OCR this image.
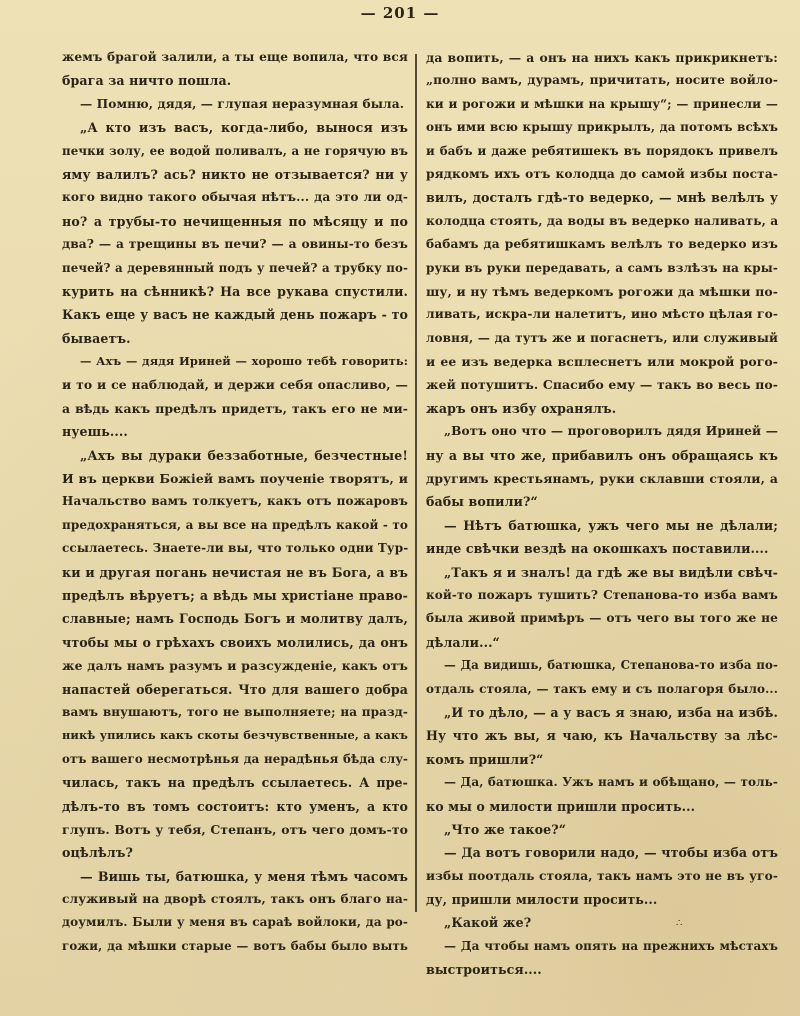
— 201 —
жемъ брагой залили, а ты еще вопила, что вся
брага за ничто пошла.
— Помню, дядя, — глупая неразумная была.
„А кто изъ васъ, когда-либо, вынося изъ
печки золу, ее водой поливалъ, а не горячую въ
яму валилъ? ась? никто не отзывается? ни у
кого видно такого обычая нѣтъ... да это ли од-
но? а трубы-то нечищенныя по мѣсяцу и по
два? — а трещины въ печи? — а овины-то безъ
печей? а деревянный подъ у печей? а трубку по-
курить на сѣнникѣ? На все рукава спустили.
Какъ еще у васъ не каждый день пожаръ - то
бываетъ.
— Ахъ — дядя Ириней — хорошо тебѣ говорить:
и то и се наблюдай, и держи себя опасливо, —
а вѣдь какъ предѣлъ придетъ, такъ его не ми-
нуешь....
„Ахъ вы дураки беззаботные, безчестные!
И въ церкви Божiей вамъ поученiе творятъ, и
Начальство вамъ толкуетъ, какъ отъ пожаровъ
предохраняться, а вы все на предѣлъ какой - то
ссылаетесь. Знаете-ли вы, что только одни Тур-
ки и другая погань нечистая не въ Бога, а въ
предѣлъ вѣруетъ; а вѣдь мы христiане право-
славные; намъ Господь Богъ и молитву далъ,
чтобы мы о грѣхахъ своихъ молились, да онъ
же далъ намъ разумъ и разсужденiе, какъ отъ
напастей оберегаться. Что для вашего добра
вамъ внушаютъ, того не выполняете; на празд-
никѣ упились какъ скоты безчувственные, а какъ
отъ вашего несмотрѣнья да нерадѣнья бѣда слу-
чилась, такъ на предѣлъ ссылаетесь. А пре-
дѣлъ-то въ томъ состоитъ: кто уменъ, а кто
глупъ. Вотъ у тебя, Степанъ, отъ чего домъ-то
оцѣлѣлъ?
— Вишь ты, батюшка, у меня тѣмъ часомъ
служивый на дворѣ стоялъ, такъ онъ благо на-
доумилъ. Были у меня въ сараѣ войлоки, да ро-
гожи, да мѣшки старые — вотъ бабы было выть
да вопить, — а онъ на нихъ какъ прикрикнетъ:
„полно вамъ, дурамъ, причитать, носите войло-
ки и рогожи и мѣшки на крышу“; — принесли —
онъ ими всю крышу прикрылъ, да потомъ всѣхъ
и бабъ и даже ребятишекъ въ порядокъ привелъ
рядкомъ ихъ отъ колодца до самой избы поста-
вилъ, досталъ гдѣ-то ведерко, — мнѣ велѣлъ у
колодца стоять, да воды въ ведерко наливать, а
бабамъ да ребятишкамъ велѣлъ то ведерко изъ
руки въ руки передавать, а самъ взлѣзъ на кры-
шу, и ну тѣмъ ведеркомъ рогожи да мѣшки по-
ливать, искра-ли налетитъ, ино мѣсто цѣлая го-
ловня, — да тутъ же и погаснетъ, или служивый
и ее изъ ведерка всплеснетъ или мокрой рого-
жей потушитъ. Спасибо ему — такъ во весь по-
жаръ онъ избу охранялъ.
„Вотъ оно что — проговорилъ дядя Ириней —
ну а вы что же, прибавилъ онъ обращаясь къ
другимъ крестьянамъ, руки склавши стояли, а
бабы вопили?“
— Нѣтъ батюшка, ужъ чего мы не дѣлали;
инде свѣчки вездѣ на окошкахъ поставили....
„Такъ я и зналъ! да гдѣ же вы видѣли свѣч-
кой-то пожаръ тушить? Степанова-то изба вамъ
была живой примѣръ — отъ чего вы того же не
дѣлали...“
— Да видишь, батюшка, Степанова-то изба по-
отдаль стояла, — такъ ему и съ полагоря было...
„И то дѣло, — а у васъ я знаю, изба на избѣ.
Ну что жъ вы, я чаю, къ Начальству за лѣс-
комъ пришли?“
— Да, батюшка. Ужъ намъ и обѣщано, — толь-
ко мы о милости пришли просить...
„Что же такое?“
— Да вотъ говорили надо, — чтобы изба отъ
избы поотдаль стояла, такъ намъ это не въ уго-
ду, пришли милости просить...
„Какой же?
— Да чтобы намъ опять на прежнихъ мѣстахъ
выстроиться....
∴
